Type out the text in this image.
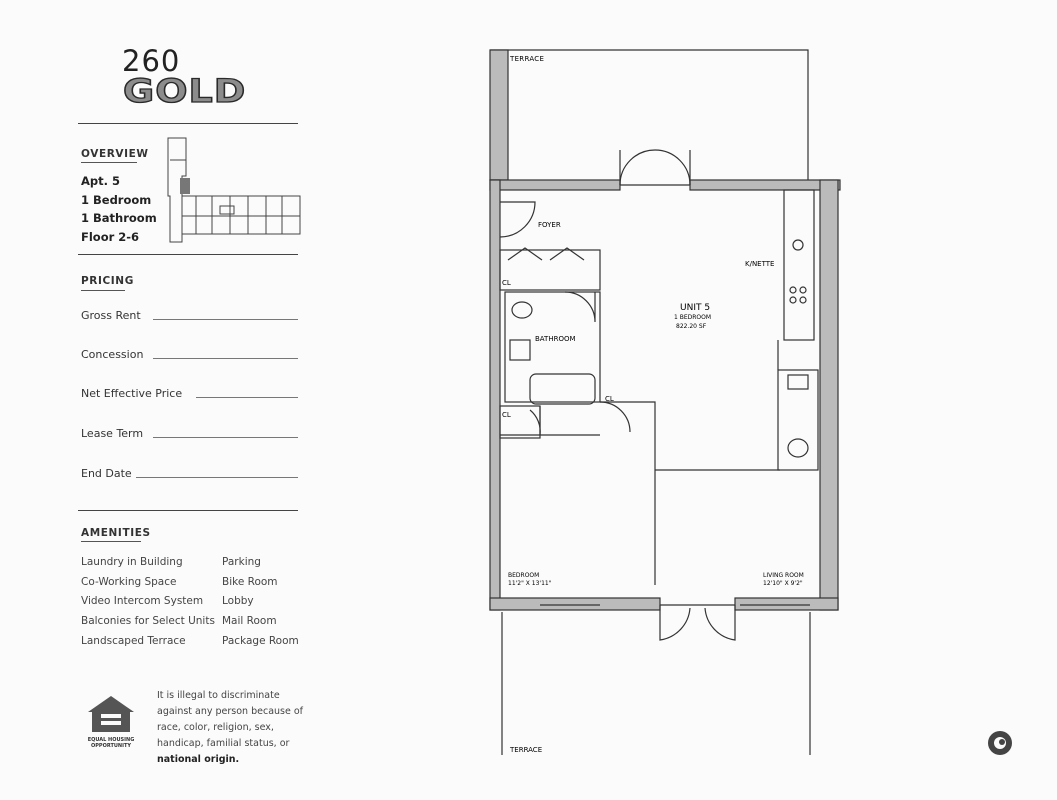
260
GOLD
OVERVIEW
Apt. 5
1 Bedroom
1 Bathroom
Floor 2-6
PRICING
Gross Rent
Concession
Net Effective Price
Lease Term
End Date
AMENITIES
Laundry in Building
Co-Working Space
Video Intercom System
Balconies for Select Units
Landscaped Terrace
Parking
Bike Room
Lobby
Mail Room
Package Room
EQUAL HOUSING OPPORTUNITY
It is illegal to discriminate against any person because of race, color, religion, sex, handicap, familial status, or national origin.
TERRACE
FOYER
K/NETTE
CL
UNIT 5
1 BEDROOM
822.20 SF
BATHROOM
CL
CL
BEDROOM
11'2" X 13'11"
LIVING ROOM
12'10" X 9'2"
TERRACE
